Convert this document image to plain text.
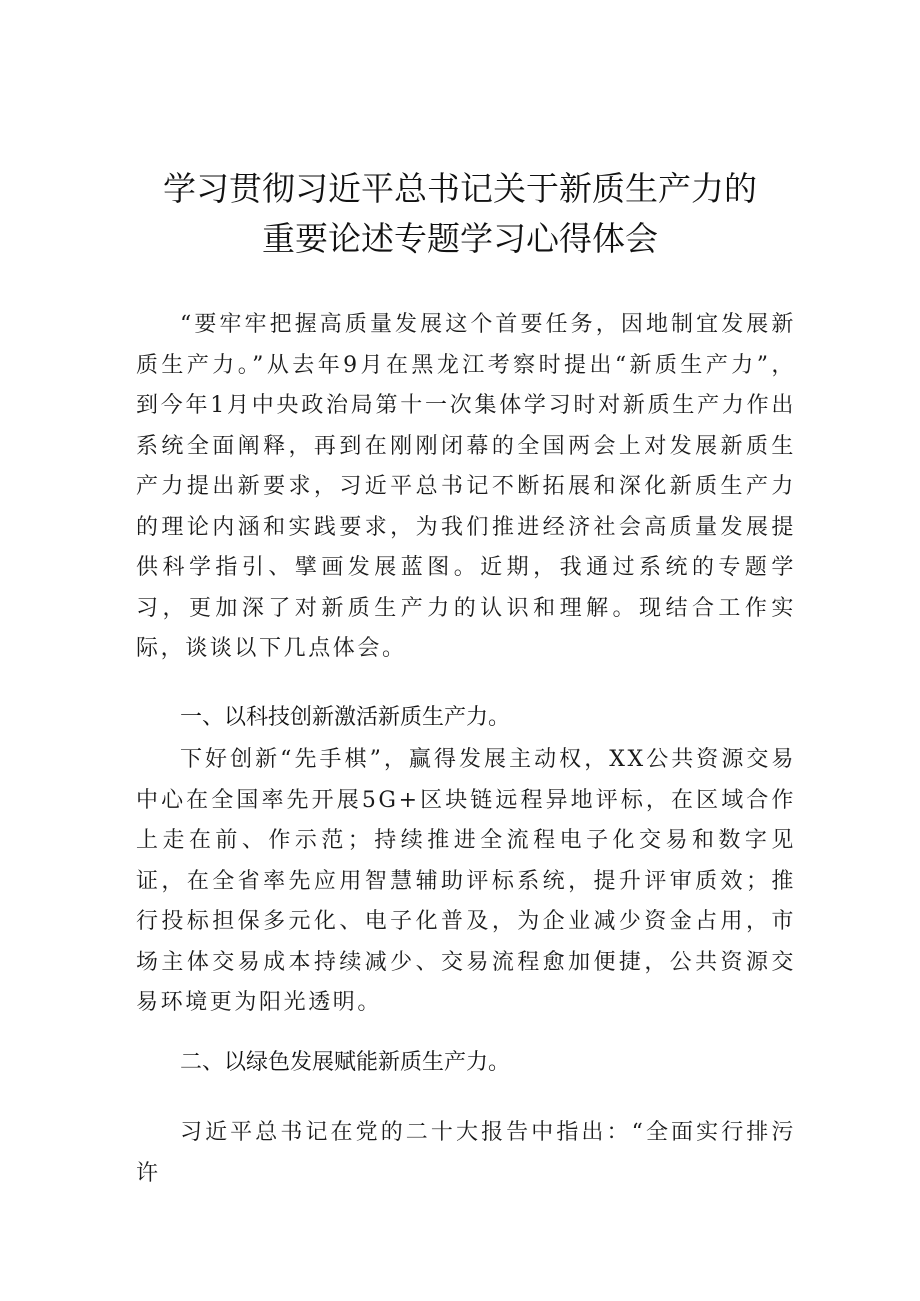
学习贯彻习近平总书记关于新质生产力的
重要论述专题学习心得体会

“要牢牢把握高质量发展这个首要任务，因地制宜发展新质生产力。”从去年9月在黑龙江考察时提出“新质生产力”，到今年1月中央政治局第十一次集体学习时对新质生产力作出系统全面阐释，再到在刚刚闭幕的全国两会上对发展新质生产力提出新要求，习近平总书记不断拓展和深化新质生产力的理论内涵和实践要求，为我们推进经济社会高质量发展提供科学指引、擘画发展蓝图。近期，我通过系统的专题学习，更加深了对新质生产力的认识和理解。现结合工作实际，谈谈以下几点体会。

一、以科技创新激活新质生产力。

下好创新“先手棋”，赢得发展主动权，XX公共资源交易中心在全国率先开展5G+区块链远程异地评标，在区域合作上走在前、作示范；持续推进全流程电子化交易和数字见证，在全省率先应用智慧辅助评标系统，提升评审质效；推行投标担保多元化、电子化普及，为企业减少资金占用，市场主体交易成本持续减少、交易流程愈加便捷，公共资源交易环境更为阳光透明。

二、以绿色发展赋能新质生产力。

习近平总书记在党的二十大报告中指出：“全面实行排污许
